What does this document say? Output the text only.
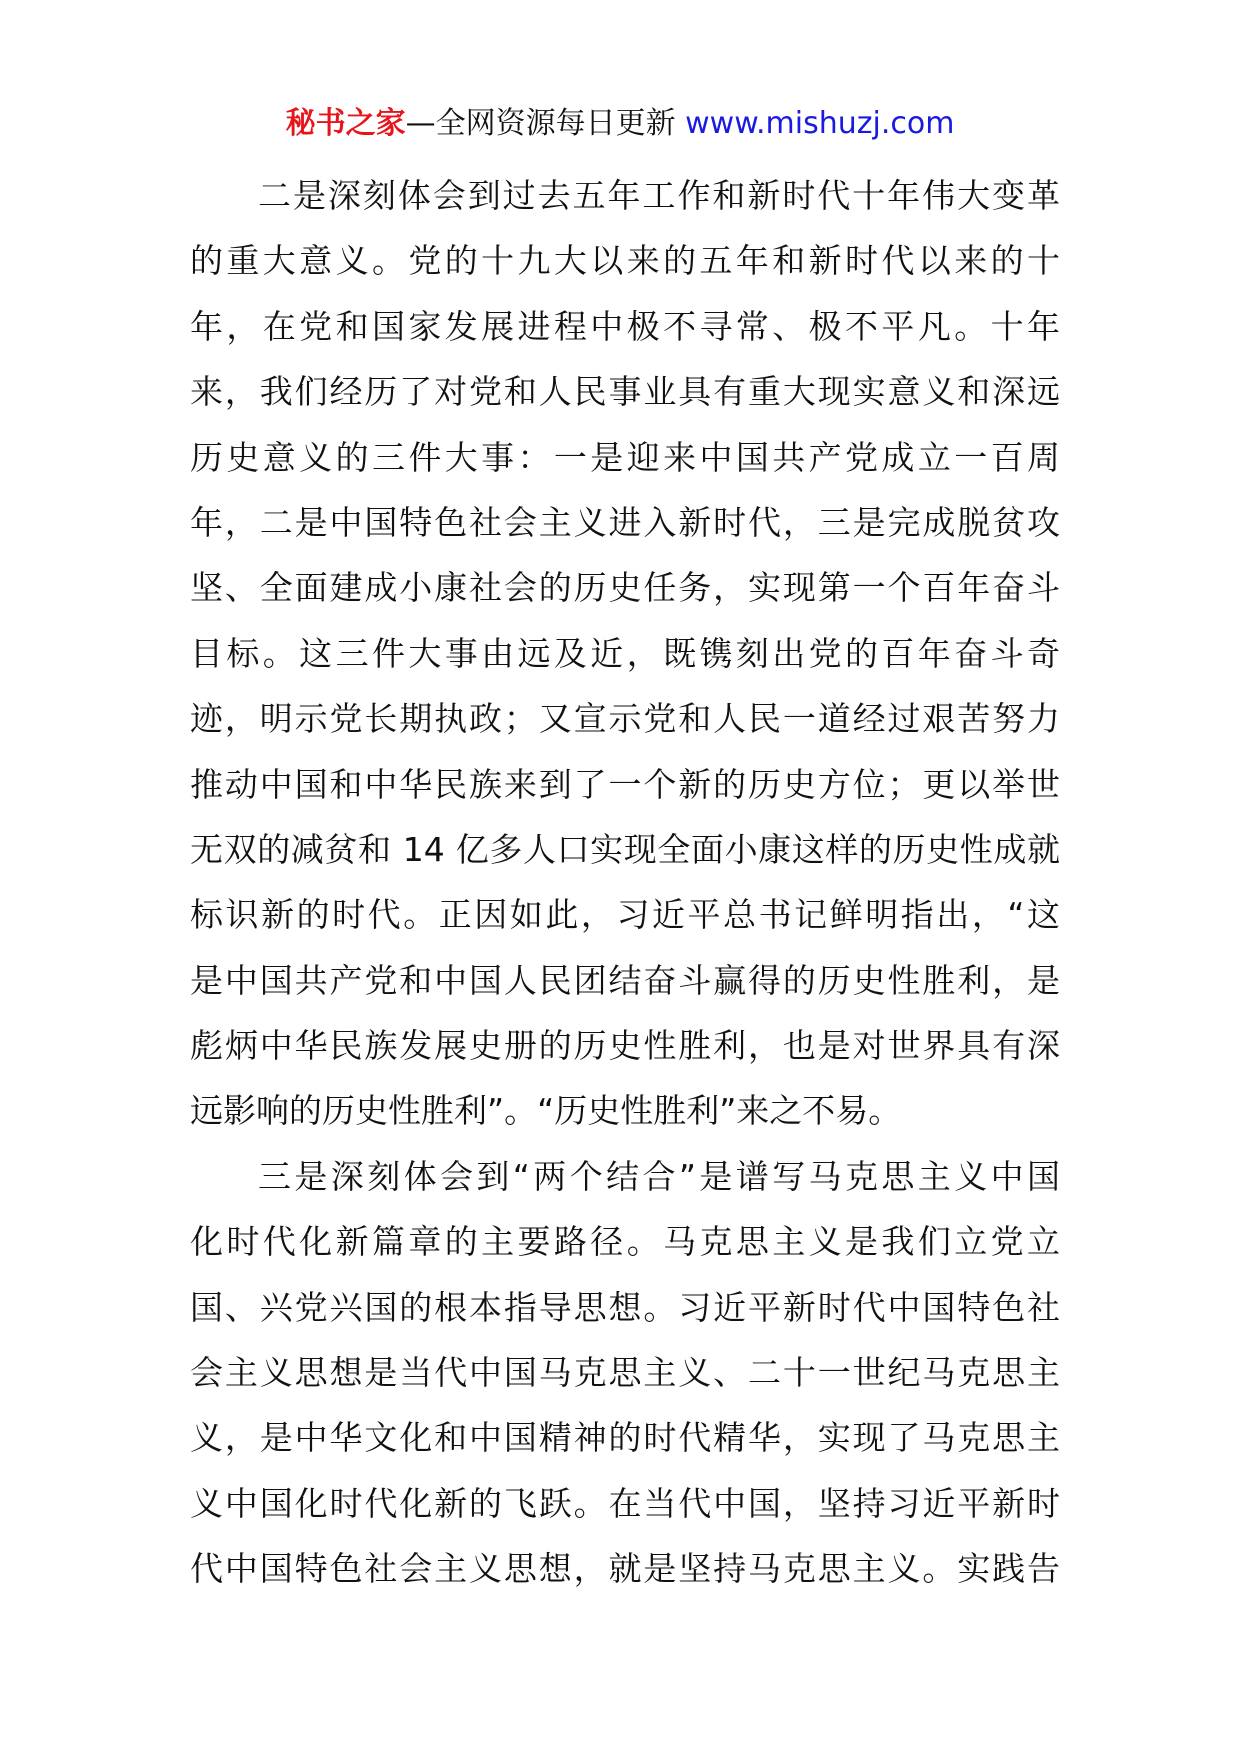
秘书之家—全网资源每日更新 www.mishuzj.com
二是深刻体会到过去五年工作和新时代十年伟大变革
的重大意义。党的十九大以来的五年和新时代以来的十
年，在党和国家发展进程中极不寻常、极不平凡。十年
来，我们经历了对党和人民事业具有重大现实意义和深远
历史意义的三件大事：一是迎来中国共产党成立一百周
年，二是中国特色社会主义进入新时代，三是完成脱贫攻
坚、全面建成小康社会的历史任务，实现第一个百年奋斗
目标。这三件大事由远及近，既镌刻出党的百年奋斗奇
迹，明示党长期执政；又宣示党和人民一道经过艰苦努力
推动中国和中华民族来到了一个新的历史方位；更以举世
无双的减贫和 14 亿多人口实现全面小康这样的历史性成就
标识新的时代。正因如此，习近平总书记鲜明指出，“这
是中国共产党和中国人民团结奋斗赢得的历史性胜利，是
彪炳中华民族发展史册的历史性胜利，也是对世界具有深
远影响的历史性胜利”。“历史性胜利”来之不易。
三是深刻体会到“两个结合”是谱写马克思主义中国
化时代化新篇章的主要路径。马克思主义是我们立党立
国、兴党兴国的根本指导思想。习近平新时代中国特色社
会主义思想是当代中国马克思主义、二十一世纪马克思主
义，是中华文化和中国精神的时代精华，实现了马克思主
义中国化时代化新的飞跃。在当代中国，坚持习近平新时
代中国特色社会主义思想，就是坚持马克思主义。实践告
